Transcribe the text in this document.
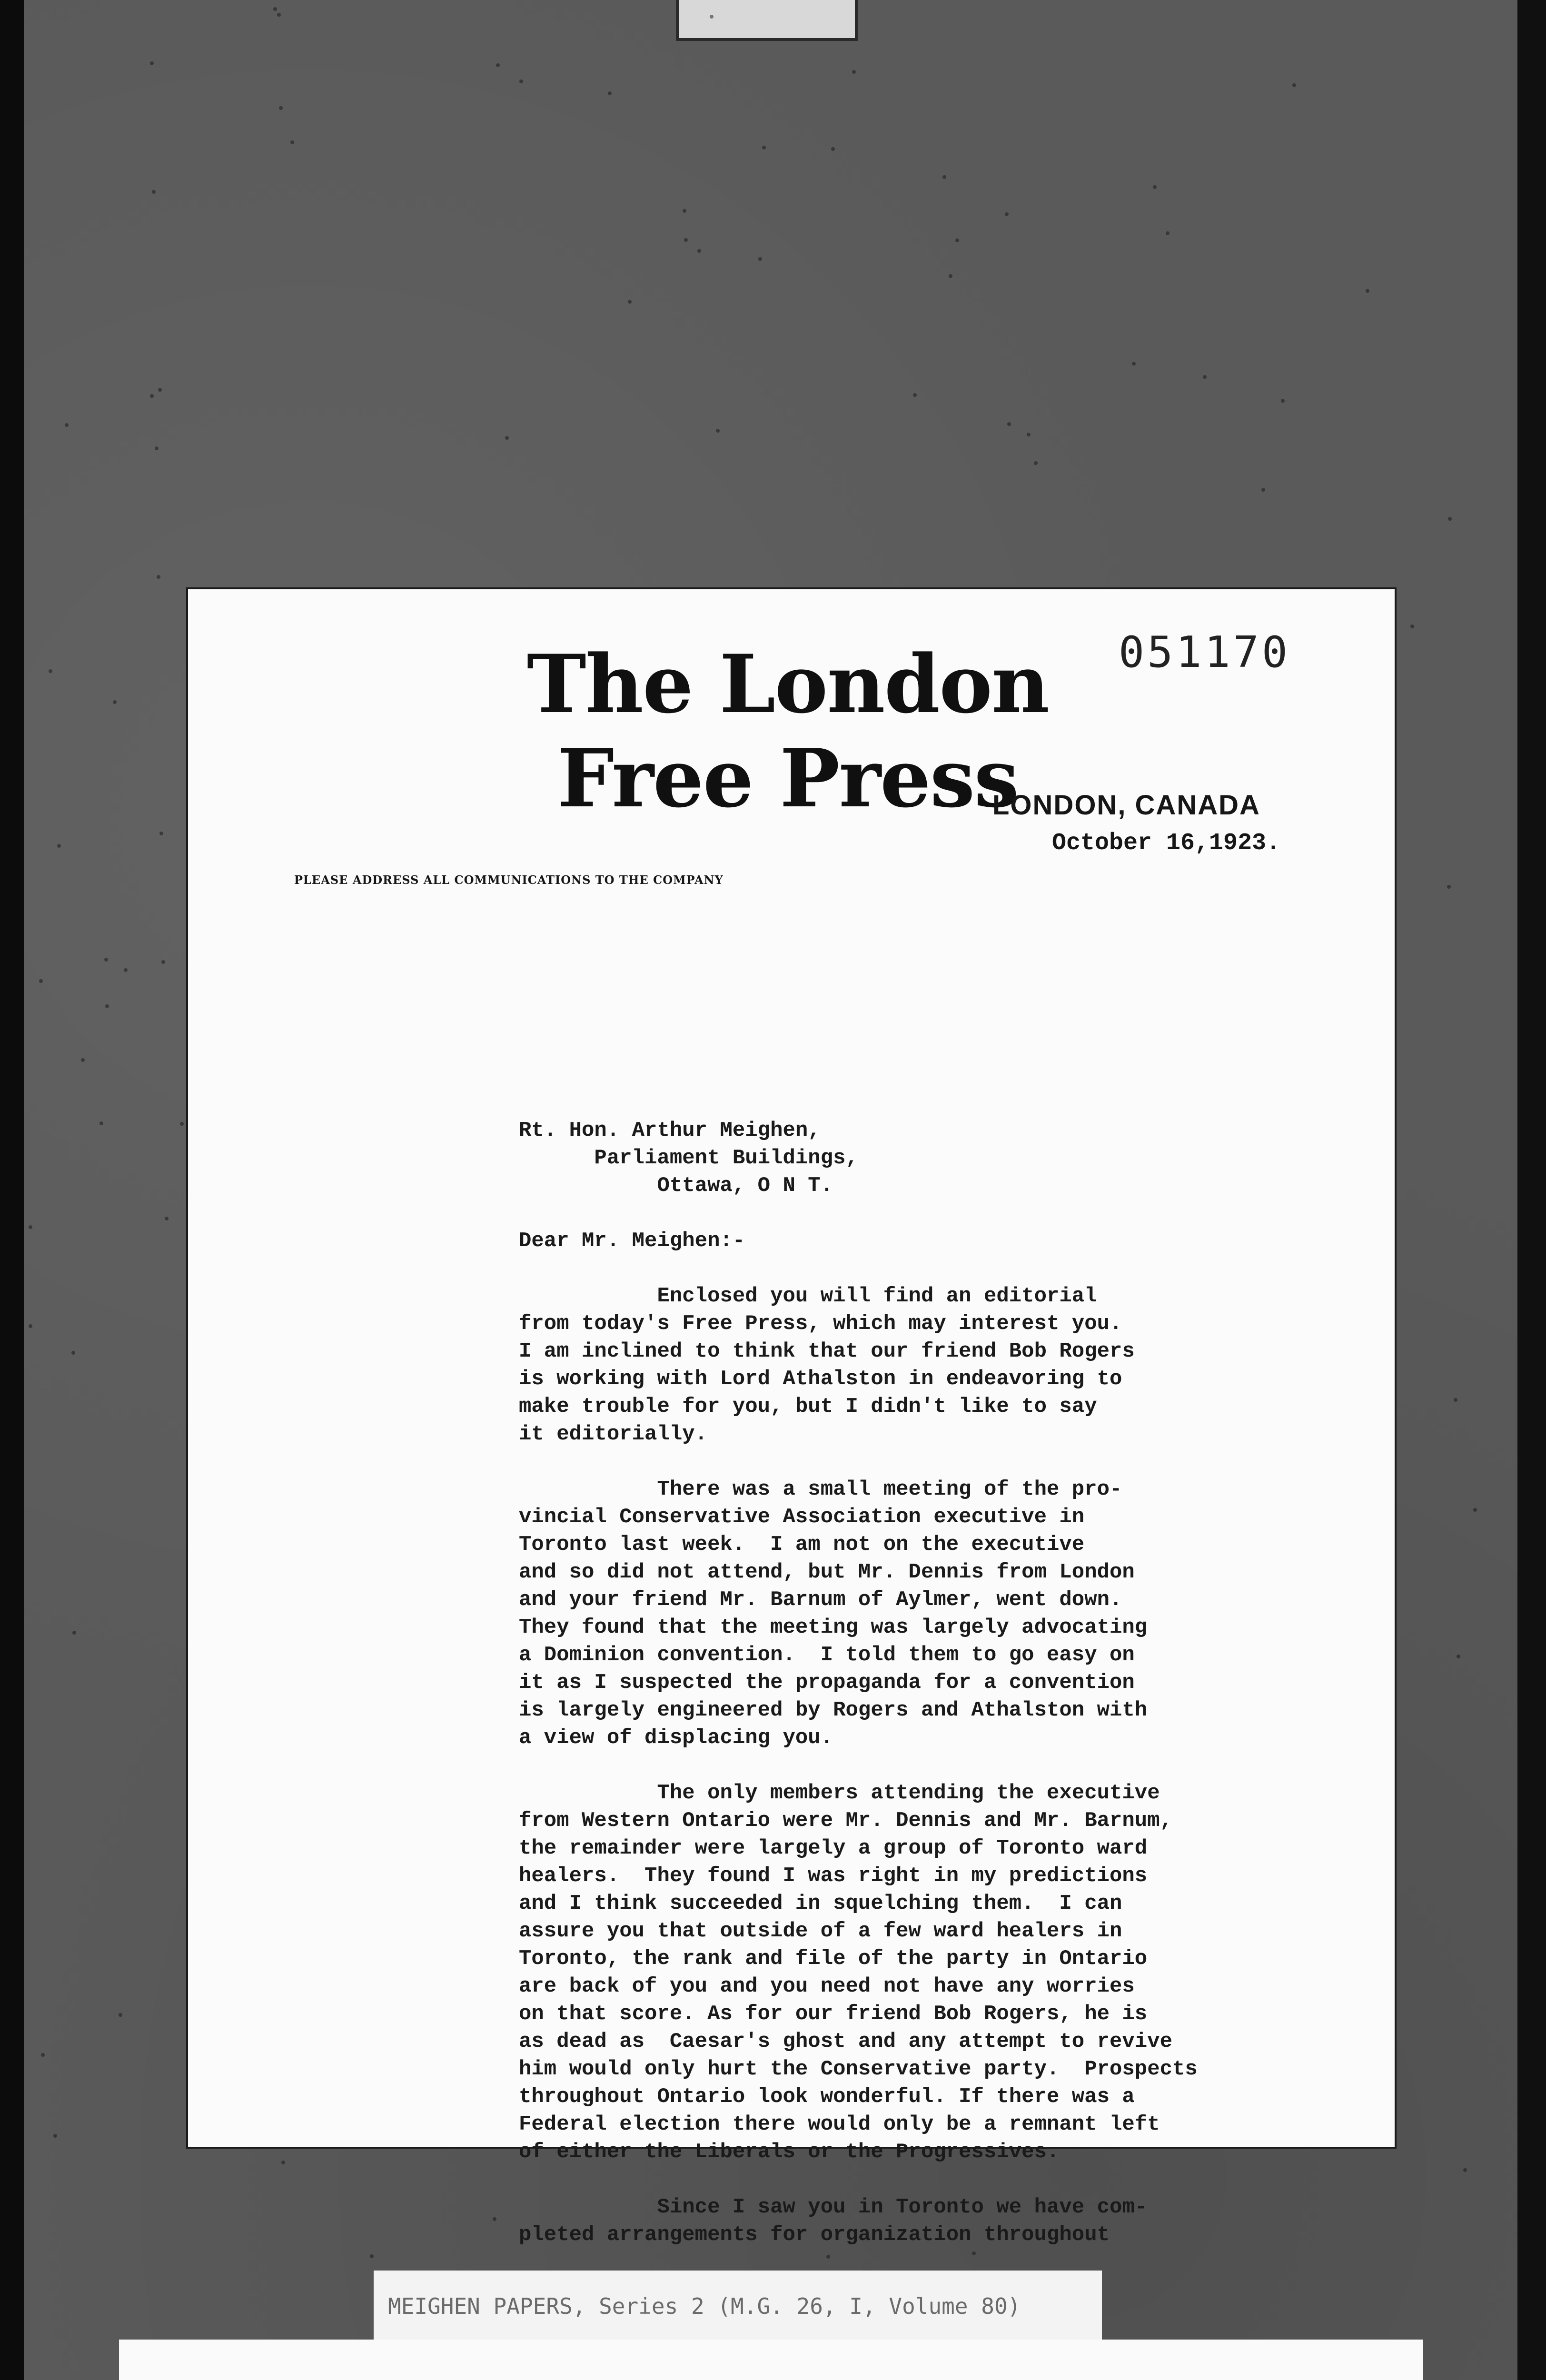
The London Free Press
051170
LONDON, CANADA
October 16,1923.
PLEASE ADDRESS ALL COMMUNICATIONS TO THE COMPANY
Rt. Hon. Arthur Meighen,
Parliament Buildings,
Ottawa, O N T.
Dear Mr. Meighen:-
Enclosed you will find an editorial
from today's Free Press, which may interest you.
I am inclined to think that our friend Bob Rogers
is working with Lord Athalston in endeavoring to
make trouble for you, but I didn't like to say
it editorially.
There was a small meeting of the pro-
vincial Conservative Association executive in
Toronto last week.  I am not on the executive
and so did not attend, but Mr. Dennis from London
and your friend Mr. Barnum of Aylmer, went down.
They found that the meeting was largely advocating
a Dominion convention.  I told them to go easy on
it as I suspected the propaganda for a convention
is largely engineered by Rogers and Athalston with
a view of displacing you.
The only members attending the executive
from Western Ontario were Mr. Dennis and Mr. Barnum,
the remainder were largely a group of Toronto ward
healers.  They found I was right in my predictions
and I think succeeded in squelching them.  I can
assure you that outside of a few ward healers in
Toronto, the rank and file of the party in Ontario
are back of you and you need not have any worries
on that score. As for our friend Bob Rogers, he is
as dead as  Caesar's ghost and any attempt to revive
him would only hurt the Conservative party.  Prospects
throughout Ontario look wonderful. If there was a
Federal election there would only be a remnant left
of either the Liberals or the Progressives.
Since I saw you in Toronto we have com-
pleted arrangements for organization throughout
MEIGHEN PAPERS, Series 2 (M.G. 26, I, Volume 80)
